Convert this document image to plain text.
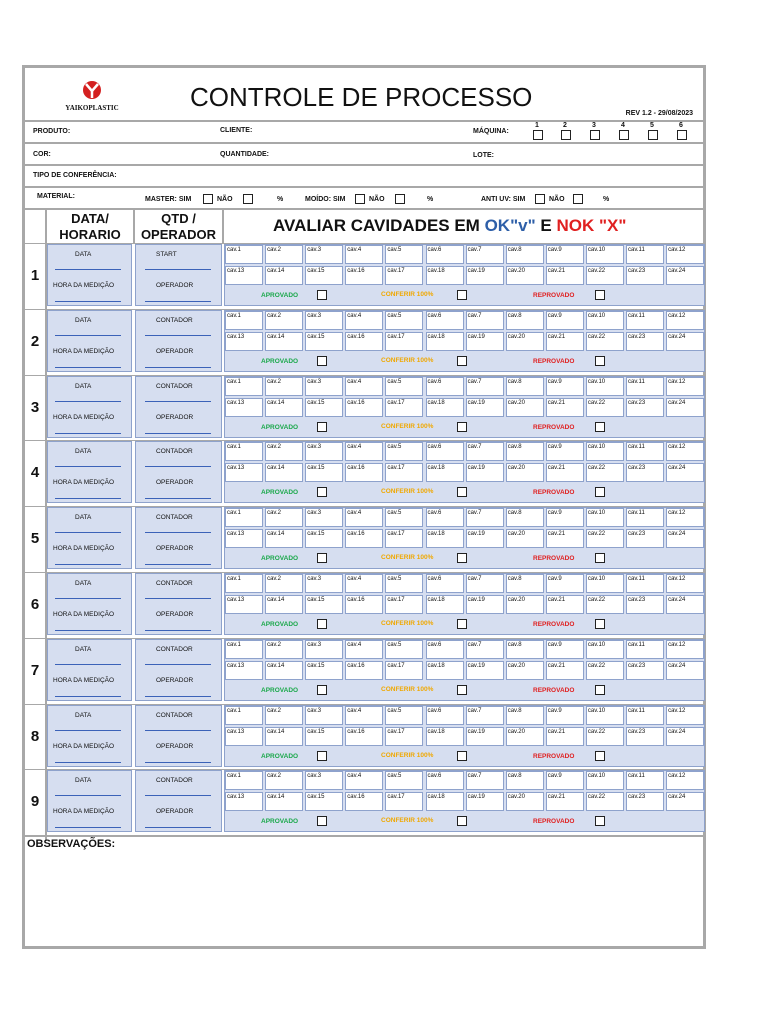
YAIKOPLASTIC	CONTROLE DE PROCESSO
REV 1.2 - 29/08/2023
PRODUTO:	CLIENTE:	MÁQUINA:
1	2	3	4	5	6
COR:	QUANTIDADE:	LOTE:
TIPO DE CONFERÊNCIA:
MATERIAL:	MASTER: SIM	NÃO	%	MOÍDO: SIM	NÃO	%	ANTI UV: SIM	NÃO	%
DATA/ HORARIO
QTD / OPERADOR	AVALIAR CAVIDADES EM OK"v" E NOK "X"
1
DATA
HORA DA MEDIÇÃO
START
OPERADOR
cav.1	cav.2	cav.3	cav.4	cav.5	cav.6	cav.7	cav.8	cav.9	cav.10	cav.11	cav.12
cav.13	cav.14	cav.15	cav.16	cav.17	cav.18	cav.19	cav.20	cav.21	cav.22	cav.23	cav.24
APROVADO	CONFERIR 100%	REPROVADO
2
DATA
HORA DA MEDIÇÃO
CONTADOR
OPERADOR
cav.1	cav.2	cav.3	cav.4	cav.5	cav.6	cav.7	cav.8	cav.9	cav.10	cav.11	cav.12
cav.13	cav.14	cav.15	cav.16	cav.17	cav.18	cav.19	cav.20	cav.21	cav.22	cav.23	cav.24
APROVADO	CONFERIR 100%	REPROVADO
3
DATA
HORA DA MEDIÇÃO
CONTADOR
OPERADOR
cav.1	cav.2	cav.3	cav.4	cav.5	cav.6	cav.7	cav.8	cav.9	cav.10	cav.11	cav.12
cav.13	cav.14	cav.15	cav.16	cav.17	cav.18	cav.19	cav.20	cav.21	cav.22	cav.23	cav.24
APROVADO	CONFERIR 100%	REPROVADO
4
DATA
HORA DA MEDIÇÃO
CONTADOR
OPERADOR
cav.1	cav.2	cav.3	cav.4	cav.5	cav.6	cav.7	cav.8	cav.9	cav.10	cav.11	cav.12
cav.13	cav.14	cav.15	cav.16	cav.17	cav.18	cav.19	cav.20	cav.21	cav.22	cav.23	cav.24
APROVADO	CONFERIR 100%	REPROVADO
5
DATA
HORA DA MEDIÇÃO
CONTADOR
OPERADOR
cav.1	cav.2	cav.3	cav.4	cav.5	cav.6	cav.7	cav.8	cav.9	cav.10	cav.11	cav.12
cav.13	cav.14	cav.15	cav.16	cav.17	cav.18	cav.19	cav.20	cav.21	cav.22	cav.23	cav.24
APROVADO	CONFERIR 100%	REPROVADO
6
DATA
HORA DA MEDIÇÃO
CONTADOR
OPERADOR
cav.1	cav.2	cav.3	cav.4	cav.5	cav.6	cav.7	cav.8	cav.9	cav.10	cav.11	cav.12
cav.13	cav.14	cav.15	cav.16	cav.17	cav.18	cav.19	cav.20	cav.21	cav.22	cav.23	cav.24
APROVADO	CONFERIR 100%	REPROVADO
7
DATA
HORA DA MEDIÇÃO
CONTADOR
OPERADOR
cav.1	cav.2	cav.3	cav.4	cav.5	cav.6	cav.7	cav.8	cav.9	cav.10	cav.11	cav.12
cav.13	cav.14	cav.15	cav.16	cav.17	cav.18	cav.19	cav.20	cav.21	cav.22	cav.23	cav.24
APROVADO	CONFERIR 100%	REPROVADO
8
DATA
HORA DA MEDIÇÃO
CONTADOR
OPERADOR
cav.1	cav.2	cav.3	cav.4	cav.5	cav.6	cav.7	cav.8	cav.9	cav.10	cav.11	cav.12
cav.13	cav.14	cav.15	cav.16	cav.17	cav.18	cav.19	cav.20	cav.21	cav.22	cav.23	cav.24
APROVADO	CONFERIR 100%	REPROVADO
9
DATA
HORA DA MEDIÇÃO
CONTADOR
OPERADOR
cav.1	cav.2	cav.3	cav.4	cav.5	cav.6	cav.7	cav.8	cav.9	cav.10	cav.11	cav.12
cav.13	cav.14	cav.15	cav.16	cav.17	cav.18	cav.19	cav.20	cav.21	cav.22	cav.23	cav.24
APROVADO	CONFERIR 100%	REPROVADO
OBSERVAÇÕES:
